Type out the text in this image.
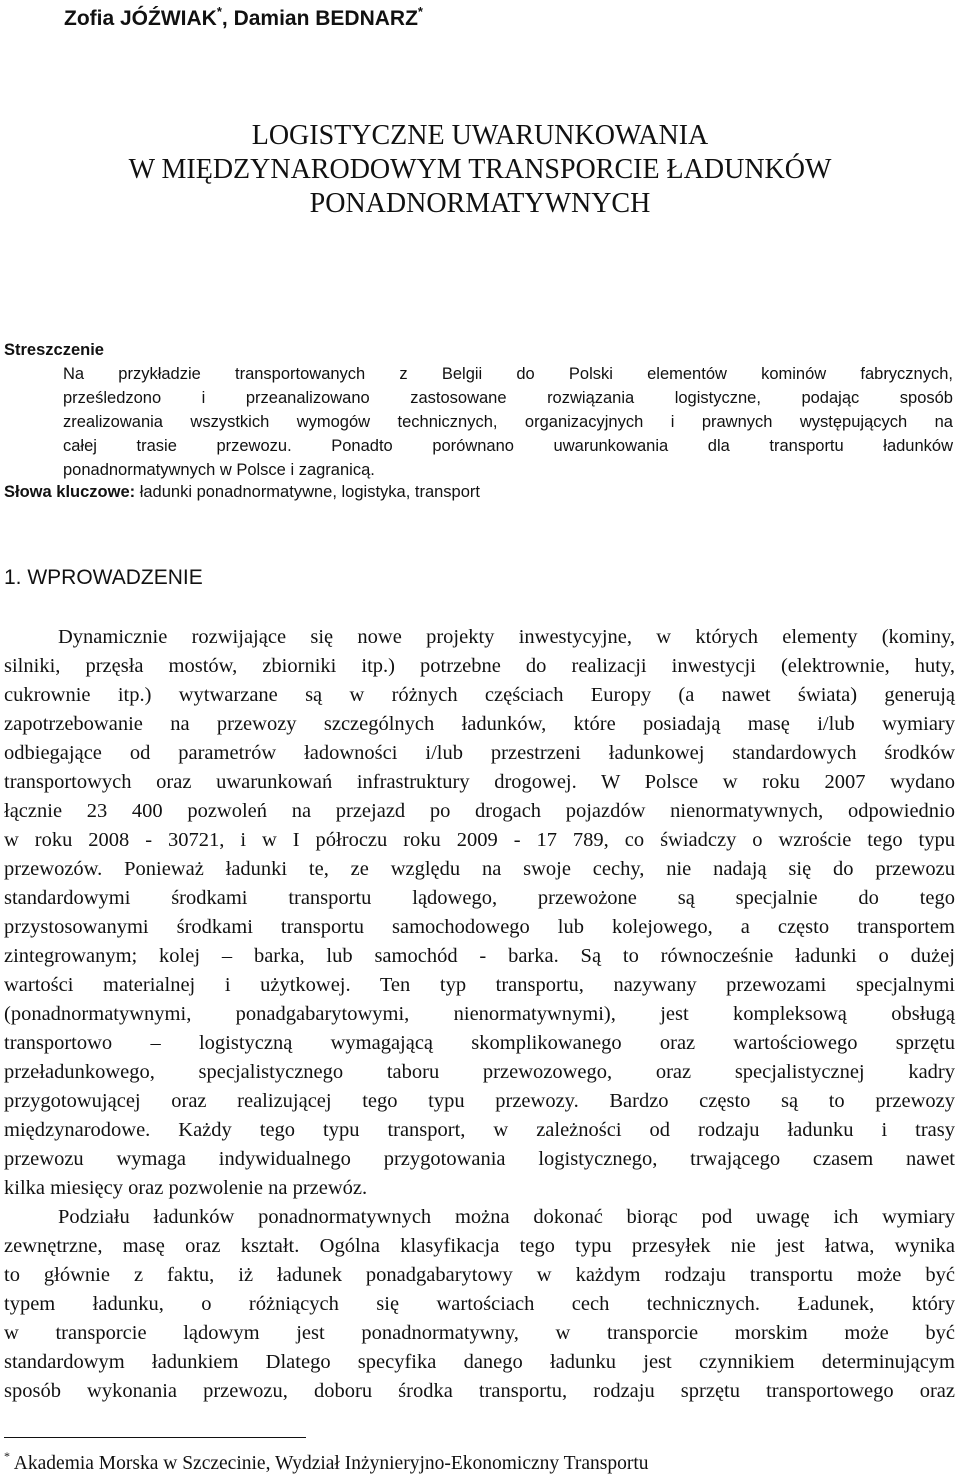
Zofia JÓŹWIAK*, Damian BEDNARZ*
LOGISTYCZNE UWARUNKOWANIA
W MIĘDZYNARODOWYM TRANSPORCIE ŁADUNKÓW
PONADNORMATYWNYCH
Streszczenie
Na przykładzie transportowanych z Belgii do Polski elementów kominów fabrycznych,
prześledzono i przeanalizowano zastosowane rozwiązania logistyczne, podając sposób
zrealizowania wszystkich wymogów technicznych, organizacyjnych i prawnych występujących na
całej trasie przewozu. Ponadto porównano uwarunkowania dla transportu ładunków
ponadnormatywnych w Polsce i zagranicą.
Słowa kluczowe: ładunki ponadnormatywne, logistyka, transport
1. WPROWADZENIE
Dynamicznie rozwijające się nowe projekty inwestycyjne, w których elementy (kominy,
silniki, przęsła mostów, zbiorniki itp.) potrzebne do realizacji inwestycji (elektrownie, huty,
cukrownie itp.) wytwarzane są w różnych częściach Europy (a nawet świata) generują
zapotrzebowanie na przewozy szczególnych ładunków, które posiadają masę i/lub wymiary
odbiegające od parametrów ładowności i/lub przestrzeni ładunkowej standardowych środków
transportowych oraz uwarunkowań infrastruktury drogowej. W Polsce w roku 2007 wydano
łącznie 23 400 pozwoleń na przejazd po drogach pojazdów nienormatywnych, odpowiednio
w roku 2008 - 30721, i w I półroczu roku 2009 - 17 789, co świadczy o wzroście tego typu
przewozów. Ponieważ ładunki te, ze względu na swoje cechy, nie nadają się do przewozu
standardowymi środkami transportu lądowego, przewożone są specjalnie do tego
przystosowanymi środkami transportu samochodowego lub kolejowego, a często transportem
zintegrowanym; kolej – barka, lub samochód - barka. Są to równocześnie ładunki o dużej
wartości materialnej i użytkowej. Ten typ transportu, nazywany przewozami specjalnymi
(ponadnormatywnymi, ponadgabarytowymi, nienormatywnymi), jest kompleksową obsługą
transportowo – logistyczną wymagającą skomplikowanego oraz wartościowego sprzętu
przeładunkowego, specjalistycznego taboru przewozowego, oraz specjalistycznej kadry
przygotowującej oraz realizującej tego typu przewozy. Bardzo często są to przewozy
międzynarodowe. Każdy tego typu transport, w zależności od rodzaju ładunku i trasy
przewozu wymaga indywidualnego przygotowania logistycznego, trwającego czasem nawet
kilka miesięcy oraz pozwolenie na przewóz.
Podziału ładunków ponadnormatywnych można dokonać biorąc pod uwagę ich wymiary
zewnętrzne, masę oraz kształt. Ogólna klasyfikacja tego typu przesyłek nie jest łatwa, wynika
to głównie z faktu, iż ładunek ponadgabarytowy w każdym rodzaju transportu może być
typem ładunku, o różniących się wartościach cech technicznych. Ładunek, który
w transporcie lądowym jest ponadnormatywny, w transporcie morskim może być
standardowym ładunkiem Dlatego specyfika danego ładunku jest czynnikiem determinującym
sposób wykonania przewozu, doboru środka transportu, rodzaju sprzętu transportowego oraz
* Akademia Morska w Szczecinie, Wydział Inżynieryjno-Ekonomiczny Transportu
